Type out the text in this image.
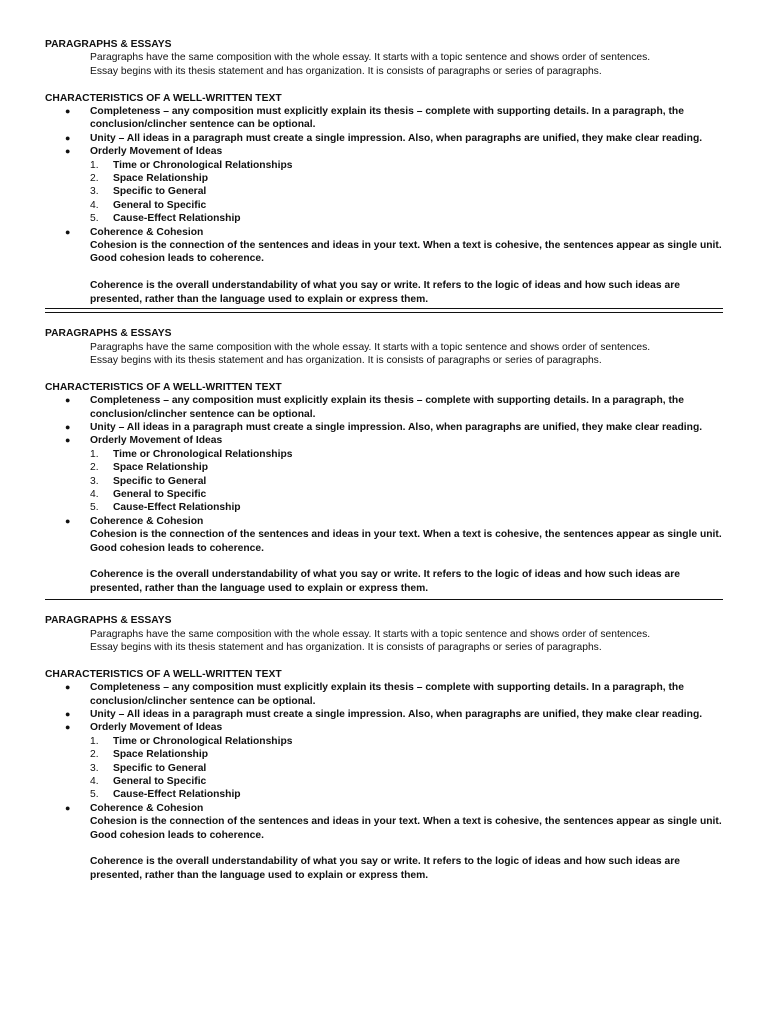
PARAGRAPHS & ESSAYS

Paragraphs have the same composition with the whole essay. It starts with a topic sentence and shows order of sentences.

Essay begins with its thesis statement and has organization. It is consists of paragraphs or series of paragraphs.

CHARACTERISTICS OF A WELL-WRITTEN TEXT

● Completeness – any composition must explicitly explain its thesis – complete with supporting details. In a paragraph, the conclusion/clincher sentence can be optional.
● Unity – All ideas in a paragraph must create a single impression. Also, when paragraphs are unified, they make clear reading.
● Orderly Movement of Ideas
1. Time or Chronological Relationships
2. Space Relationship
3. Specific to General
4. General to Specific
5. Cause-Effect Relationship
● Coherence & Cohesion

Cohesion is the connection of the sentences and ideas in your text. When a text is cohesive, the sentences appear as single unit. Good cohesion leads to coherence.

Coherence is the overall understandability of what you say or write. It refers to the logic of ideas and how such ideas are presented, rather than the language used to explain or express them.

PARAGRAPHS & ESSAYS

Paragraphs have the same composition with the whole essay. It starts with a topic sentence and shows order of sentences.

Essay begins with its thesis statement and has organization. It is consists of paragraphs or series of paragraphs.

CHARACTERISTICS OF A WELL-WRITTEN TEXT

● Completeness – any composition must explicitly explain its thesis – complete with supporting details. In a paragraph, the conclusion/clincher sentence can be optional.
● Unity – All ideas in a paragraph must create a single impression. Also, when paragraphs are unified, they make clear reading.
● Orderly Movement of Ideas
1. Time or Chronological Relationships
2. Space Relationship
3. Specific to General
4. General to Specific
5. Cause-Effect Relationship
● Coherence & Cohesion

Cohesion is the connection of the sentences and ideas in your text. When a text is cohesive, the sentences appear as single unit. Good cohesion leads to coherence.

Coherence is the overall understandability of what you say or write. It refers to the logic of ideas and how such ideas are presented, rather than the language used to explain or express them.

PARAGRAPHS & ESSAYS

Paragraphs have the same composition with the whole essay. It starts with a topic sentence and shows order of sentences.

Essay begins with its thesis statement and has organization. It is consists of paragraphs or series of paragraphs.

CHARACTERISTICS OF A WELL-WRITTEN TEXT

● Completeness – any composition must explicitly explain its thesis – complete with supporting details. In a paragraph, the conclusion/clincher sentence can be optional.
● Unity – All ideas in a paragraph must create a single impression. Also, when paragraphs are unified, they make clear reading.
● Orderly Movement of Ideas
1. Time or Chronological Relationships
2. Space Relationship
3. Specific to General
4. General to Specific
5. Cause-Effect Relationship
● Coherence & Cohesion

Cohesion is the connection of the sentences and ideas in your text. When a text is cohesive, the sentences appear as single unit. Good cohesion leads to coherence.

Coherence is the overall understandability of what you say or write. It refers to the logic of ideas and how such ideas are presented, rather than the language used to explain or express them.
